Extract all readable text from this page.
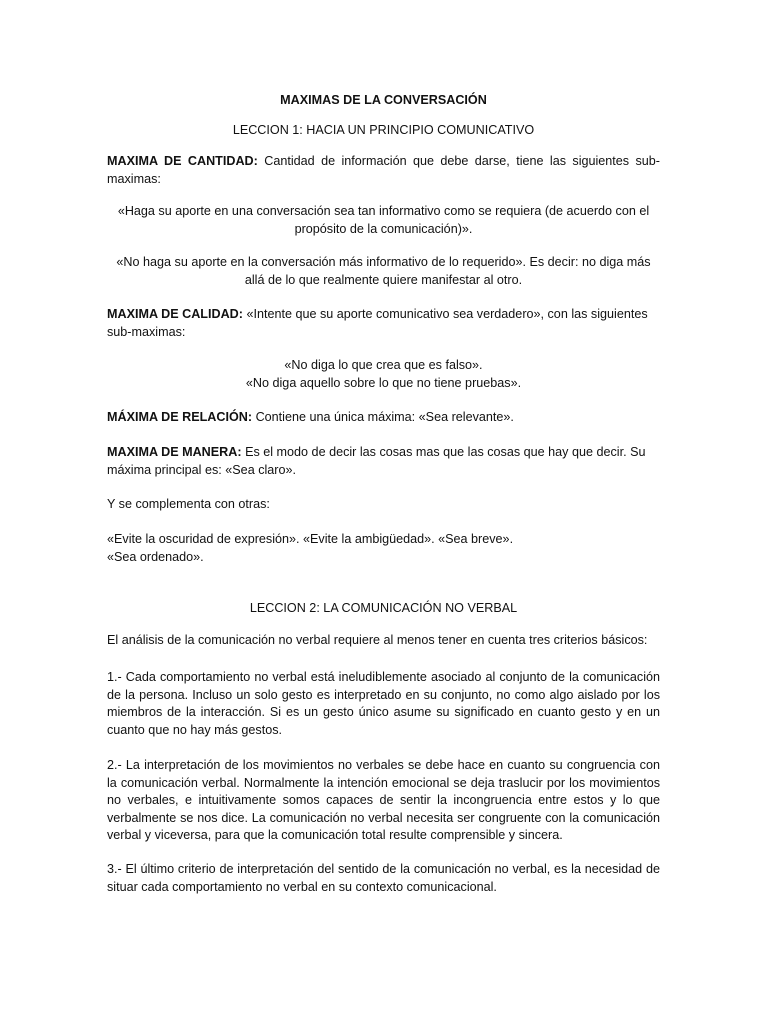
MAXIMAS DE LA CONVERSACIÓN

LECCION 1: HACIA UN PRINCIPIO COMUNICATIVO

MAXIMA DE CANTIDAD: Cantidad de información que debe darse, tiene las siguientes sub-maximas:

«Haga su aporte en una conversación sea tan informativo como se requiera (de acuerdo con el propósito de la comunicación)».

«No haga su aporte en la conversación más informativo de lo requerido». Es decir: no diga más allá de lo que realmente quiere manifestar al otro.

MAXIMA DE CALIDAD: «Intente que su aporte comunicativo sea verdadero», con las siguientes sub-maximas:

«No diga lo que crea que es falso».
«No diga aquello sobre lo que no tiene pruebas».

MÁXIMA DE RELACIÓN: Contiene una única máxima: «Sea relevante».

MAXIMA DE MANERA: Es el modo de decir las cosas mas que las cosas que hay que decir. Su máxima principal es: «Sea claro».

Y se complementa con otras:

«Evite la oscuridad de expresión». «Evite la ambigüedad». «Sea breve».
«Sea ordenado».

LECCION 2: LA COMUNICACIÓN NO VERBAL

El análisis de la comunicación no verbal requiere al menos tener en cuenta tres criterios básicos:

1.- Cada comportamiento no verbal está ineludiblemente asociado al conjunto de la comunicación de la persona. Incluso un solo gesto es interpretado en su conjunto, no como algo aislado por los miembros de la interacción. Si es un gesto único asume su significado en cuanto gesto y en un cuanto que no hay más gestos.

2.- La interpretación de los movimientos no verbales se debe hace en cuanto su congruencia con la comunicación verbal. Normalmente la intención emocional se deja traslucir por los movimientos no verbales, e intuitivamente somos capaces de sentir la incongruencia entre estos y lo que verbalmente se nos dice. La comunicación no verbal necesita ser congruente con la comunicación verbal y viceversa, para que la comunicación total resulte comprensible y sincera.

3.- El último criterio de interpretación del sentido de la comunicación no verbal, es la necesidad de situar cada comportamiento no verbal en su contexto comunicacional.
